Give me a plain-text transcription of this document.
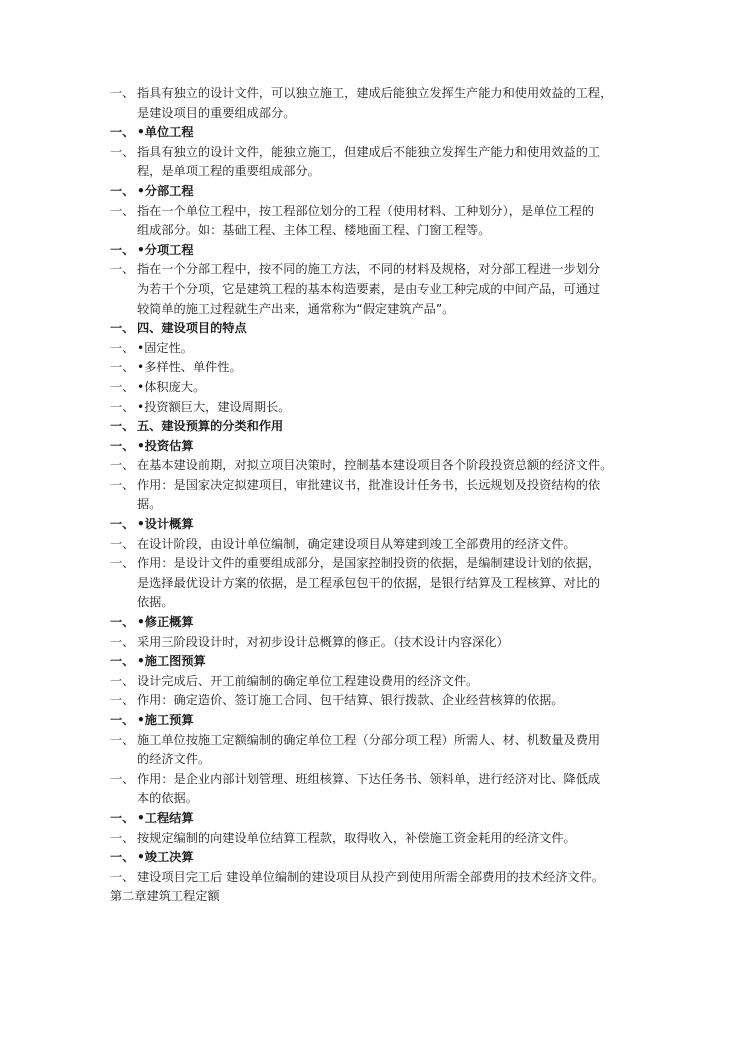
一、 指具有独立的设计文件，可以独立施工，建成后能独立发挥生产能力和使用效益的工程，
是建设项目的重要组成部分。
一、 •单位工程
一、 指具有独立的设计文件，能独立施工，但建成后不能独立发挥生产能力和使用效益的工
程，是单项工程的重要组成部分。
一、 •分部工程
一、 指在一个单位工程中，按工程部位划分的工程（使用材料、工种划分），是单位工程的
组成部分。如：基础工程、主体工程、楼地面工程、门窗工程等。
一、 •分项工程
一、 指在一个分部工程中，按不同的施工方法，不同的材料及规格，对分部工程进一步划分
为若干个分项，它是建筑工程的基本构造要素，是由专业工种完成的中间产品，可通过
较简单的施工过程就生产出来，通常称为“假定建筑产品”。
一、 四、建设项目的特点
一、 •固定性。
一、 •多样性、单件性。
一、 •体积庞大。
一、 •投资额巨大，建设周期长。
一、 五、建设预算的分类和作用
一、 •投资估算
一、 在基本建设前期，对拟立项目决策时，控制基本建设项目各个阶段投资总额的经济文件。
一、 作用：是国家决定拟建项目，审批建议书，批准设计任务书，长远规划及投资结构的依
据。
一、 •设计概算
一、 在设计阶段，由设计单位编制，确定建设项目从筹建到竣工全部费用的经济文件。
一、 作用：是设计文件的重要组成部分，是国家控制投资的依据，是编制建设计划的依据，
是选择最优设计方案的依据，是工程承包包干的依据，是银行结算及工程核算、对比的
依据。
一、 •修正概算
一、 采用三阶段设计时，对初步设计总概算的修正。（技术设计内容深化）
一、 •施工图预算
一、 设计完成后、开工前编制的确定单位工程建设费用的经济文件。
一、 作用：确定造价、签订施工合同、包干结算、银行拨款、企业经营核算的依据。
一、 •施工预算
一、 施工单位按施工定额编制的确定单位工程（分部分项工程）所需人、材、机数量及费用
的经济文件。
一、 作用：是企业内部计划管理、班组核算、下达任务书、领料单，进行经济对比、降低成
本的依据。
一、 •工程结算
一、 按规定编制的向建设单位结算工程款，取得收入，补偿施工资金耗用的经济文件。
一、 •竣工决算
一、 建设项目完工后 建设单位编制的建设项目从投产到使用所需全部费用的技术经济文件。
第二章建筑工程定额
